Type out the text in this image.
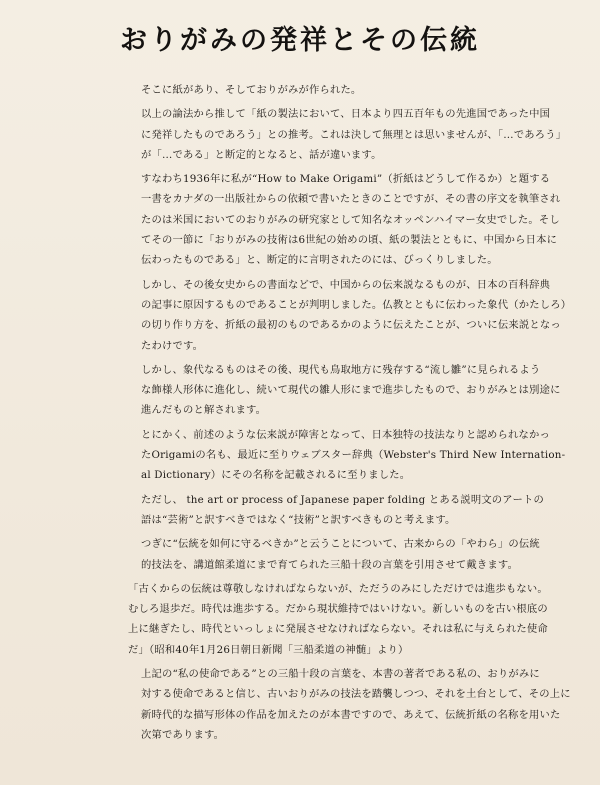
おりがみの発祥とその伝統
そこに紙があり、そしておりがみが作られた。
以上の論法から推して「紙の製法において、日本より四五百年もの先進国であった中国
に発祥したものであろう」との推考。これは決して無理とは思いませんが、「…であろう」
が「…である」と断定的となると、話が違います。
すなわち1936年に私が“How to Make Origami”（折紙はどうして作るか）と題する
一書をカナダの一出版社からの依頼で書いたときのことですが、その書の序文を執筆され
たのは米国においてのおりがみの研究家として知名なオッペンハイマー女史でした。そし
てその一節に「おりがみの技術は6世紀の始めの頃、紙の製法とともに、中国から日本に
伝わったものである」と、断定的に言明されたのには、びっくりしました。
しかし、その後女史からの書面などで、中国からの伝来説なるものが、日本の百科辞典
の記事に原因するものであることが判明しました。仏教とともに伝わった象代（かたしろ）
の切り作り方を、折紙の最初のものであるかのように伝えたことが、ついに伝来説となっ
たわけです。
しかし、象代なるものはその後、現代も鳥取地方に残存する“流し雛”に見られるよう
な飾様人形体に進化し、続いて現代の雛人形にまで進歩したもので、おりがみとは別途に
進んだものと解されます。
とにかく、前述のような伝来説が障害となって、日本独特の技法なりと認められなかっ
たOrigamiの名も、最近に至りウェブスター辞典（Webster's Third New Internation-
al Dictionary）にその名称を記載されるに至りました。
ただし、 the art or process of Japanese paper folding とある説明文のアートの
語は“芸術”と訳すべきではなく“技術”と訳すべきものと考えます。
つぎに“伝統を如何に守るべきか”と云うことについて、古来からの「やわら」の伝統
的技法を、講道館柔道にまで育てられた三船十段の言葉を引用させて戴きます。
「古くからの伝統は尊敬しなければならないが、ただうのみにしただけでは進歩もない。
むしろ退歩だ。時代は進歩する。だから現状維持ではいけない。新しいものを古い根底の
上に継ぎたし、時代といっしょに発展させなければならない。それは私に与えられた使命
だ」（昭和40年1月26日朝日新聞「三船柔道の神髄」より）
上記の“私の使命である”との三船十段の言葉を、本書の著者である私の、おりがみに
対する使命であると信じ、古いおりがみの技法を踏襲しつつ、それを土台として、その上に
新時代的な描写形体の作品を加えたのが本書ですので、あえて、伝統折紙の名称を用いた
次第であります。
